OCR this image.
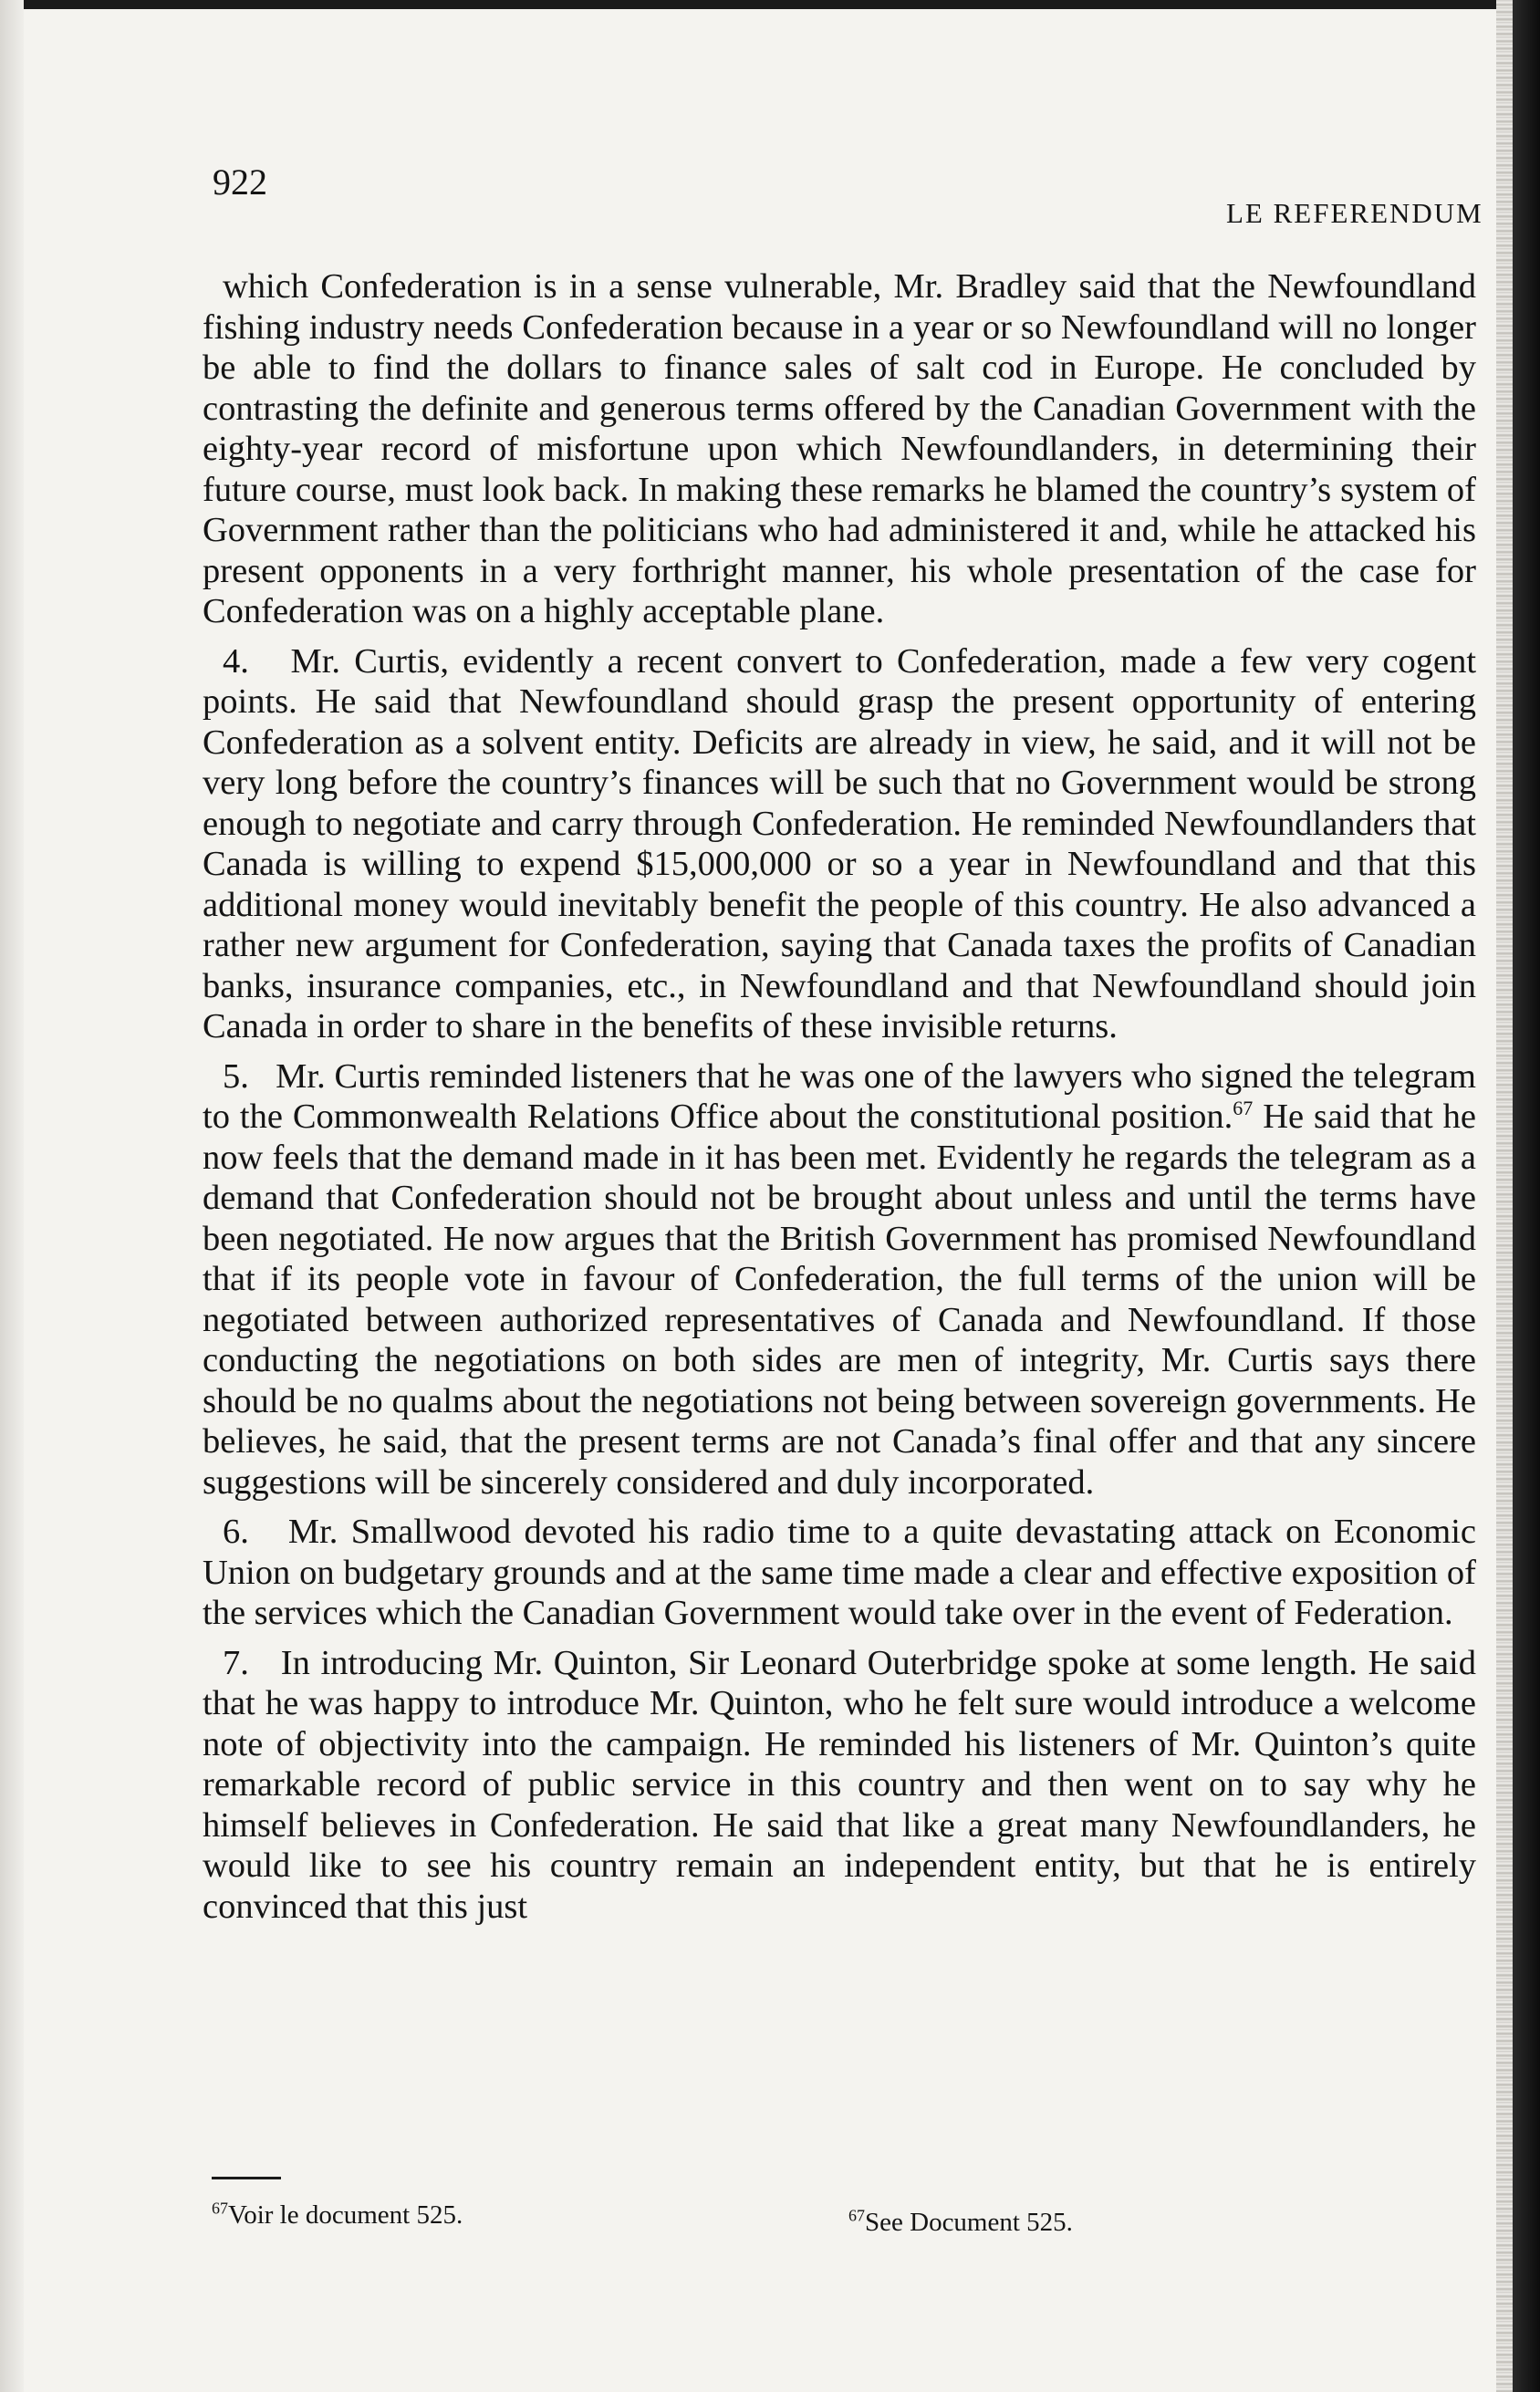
922
LE REFERENDUM

which Confederation is in a sense vulnerable, Mr. Bradley said that the Newfoundland fishing industry needs Confederation because in a year or so Newfoundland will no longer be able to find the dollars to finance sales of salt cod in Europe. He concluded by contrasting the definite and generous terms offered by the Canadian Government with the eighty-year record of misfortune upon which Newfoundlanders, in determining their future course, must look back. In making these remarks he blamed the country’s system of Government rather than the politicians who had administered it and, while he attacked his present opponents in a very forthright manner, his whole presentation of the case for Confederation was on a highly acceptable plane.

4. Mr. Curtis, evidently a recent convert to Confederation, made a few very cogent points. He said that Newfoundland should grasp the present opportunity of entering Confederation as a solvent entity. Deficits are already in view, he said, and it will not be very long before the country’s finances will be such that no Government would be strong enough to negotiate and carry through Confederation. He reminded Newfoundlanders that Canada is willing to expend $15,000,000 or so a year in Newfoundland and that this additional money would inevitably benefit the people of this country. He also advanced a rather new argument for Confederation, saying that Canada taxes the profits of Canadian banks, insurance companies, etc., in Newfoundland and that Newfoundland should join Canada in order to share in the benefits of these invisible returns.

5. Mr. Curtis reminded listeners that he was one of the lawyers who signed the telegram to the Commonwealth Relations Office about the constitutional position.$^{67}$ He said that he now feels that the demand made in it has been met. Evidently he regards the telegram as a demand that Confederation should not be brought about unless and until the terms have been negotiated. He now argues that the British Government has promised Newfoundland that if its people vote in favour of Confederation, the full terms of the union will be negotiated between authorized representatives of Canada and Newfoundland. If those conducting the negotiations on both sides are men of integrity, Mr. Curtis says there should be no qualms about the negotiations not being between sovereign governments. He believes, he said, that the present terms are not Canada’s final offer and that any sincere suggestions will be sincerely considered and duly incorporated.

6. Mr. Smallwood devoted his radio time to a quite devastating attack on Economic Union on budgetary grounds and at the same time made a clear and effective exposition of the services which the Canadian Government would take over in the event of Federation.

7. In introducing Mr. Quinton, Sir Leonard Outerbridge spoke at some length. He said that he was happy to introduce Mr. Quinton, who he felt sure would introduce a welcome note of objectivity into the campaign. He reminded his listeners of Mr. Quinton’s quite remarkable record of public service in this country and then went on to say why he himself believes in Confederation. He said that like a great many Newfoundlanders, he would like to see his country remain an independent entity, but that he is entirely convinced that this just

$^{67}$Voir le document 525.	$^{67}$See Document 525.
